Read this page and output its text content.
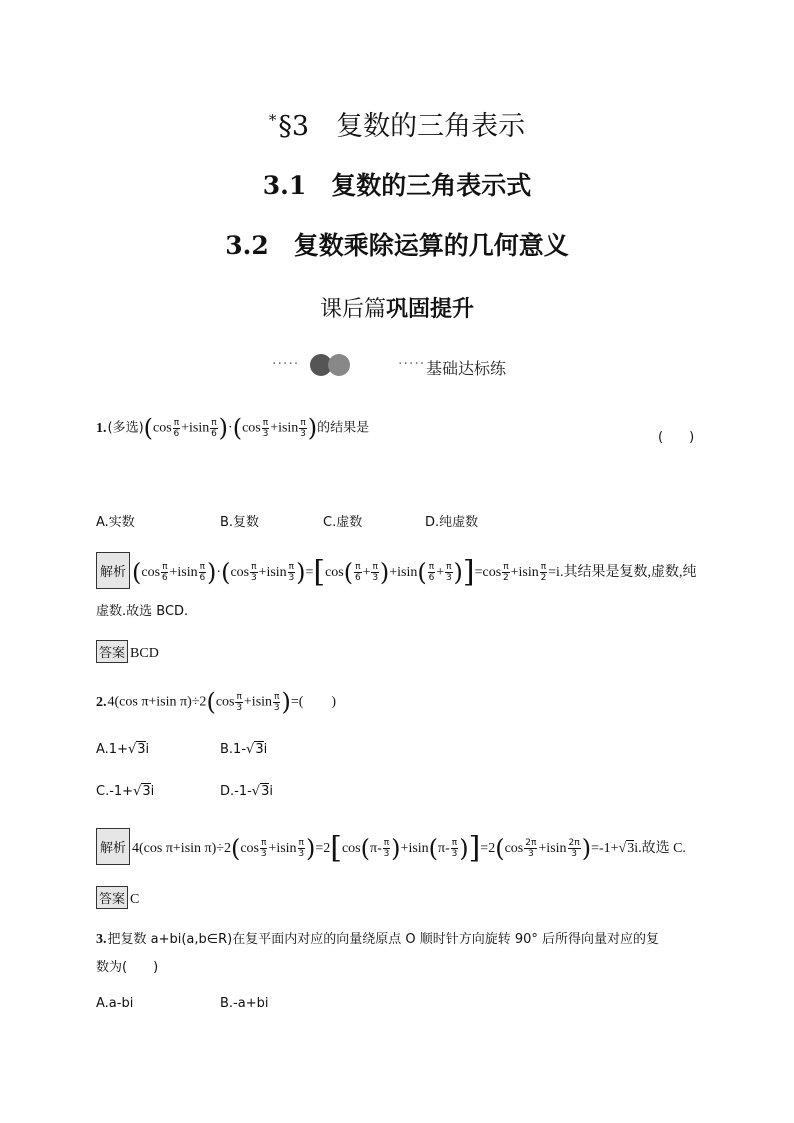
*§3　复数的三角表示
3.1　复数的三角表示式
3.2　复数乘除运算的几何意义
课后篇巩固提升
·····	····· 基础达标练
1.(多选)$(\cos \frac{\pi}{6} +isin \frac{\pi}{6} )\cdot(\cos \frac{\pi}{3} +isin \frac{\pi}{3}$ )的结果是
(　　)
A.实数	B.复数	C.虚数	D.纯虚数
解析 $(\cos \frac{\pi}{6} +isin \frac{\pi}{6} )\cdot(\cos \frac{\pi}{3} +isin \frac{\pi}{3} )=[\cos( \frac{\pi}{6} + \frac{\pi}{3} )+isin( \frac{\pi}{6} + \frac{\pi}{3} )]=\cos \frac{\pi}{2} +isin \frac{\pi}{2} =i$.其结果是复数,虚数,纯
虚数.故选 BCD.
答案 BCD
2.4(cos π+isin $\pi)\div 2(\cos \frac{\pi}{3} +isin \frac{\pi}{3}$ )=(　　)
A.1+√3i	B.1-√3i
C.-1+√3i	D.-1-√3i
解析 4(cos π+isin $\pi)\div 2(\cos \frac{\pi}{3} +isin \frac{\pi}{3} )=2[\cos(\pi- \frac{\pi}{3} )+isin(\pi- \frac{\pi}{3} )]=2(\cos \frac{2\pi}{3} +isin \frac{2\pi}{3} )=-1+√3i$.故选 C.
答案 C
3.把复数 a+bi(a,b∈R)在复平面内对应的向量绕原点 O 顺时针方向旋转 90° 后所得向量对应的复
数为(　　)
A.a-bi	B.-a+bi
